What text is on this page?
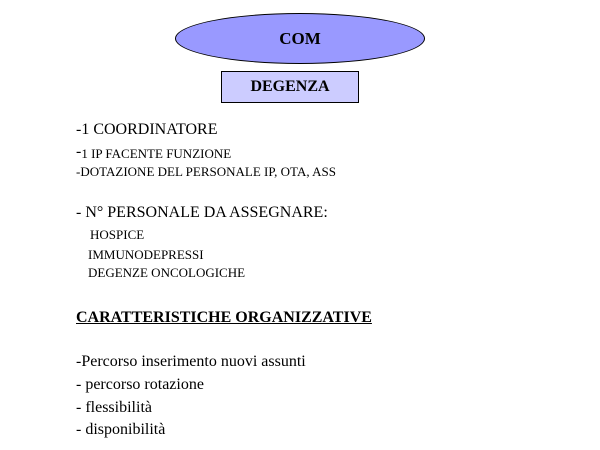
COM
DEGENZA
-1 COORDINATORE
-1 IP FACENTE FUNZIONE
-DOTAZIONE DEL PERSONALE IP, OTA, ASS
- N° PERSONALE DA ASSEGNARE:
HOSPICE
IMMUNODEPRESSI
DEGENZE ONCOLOGICHE
CARATTERISTICHE ORGANIZZATIVE
-Percorso inserimento nuovi assunti
- percorso rotazione
- flessibilità
- disponibilità
